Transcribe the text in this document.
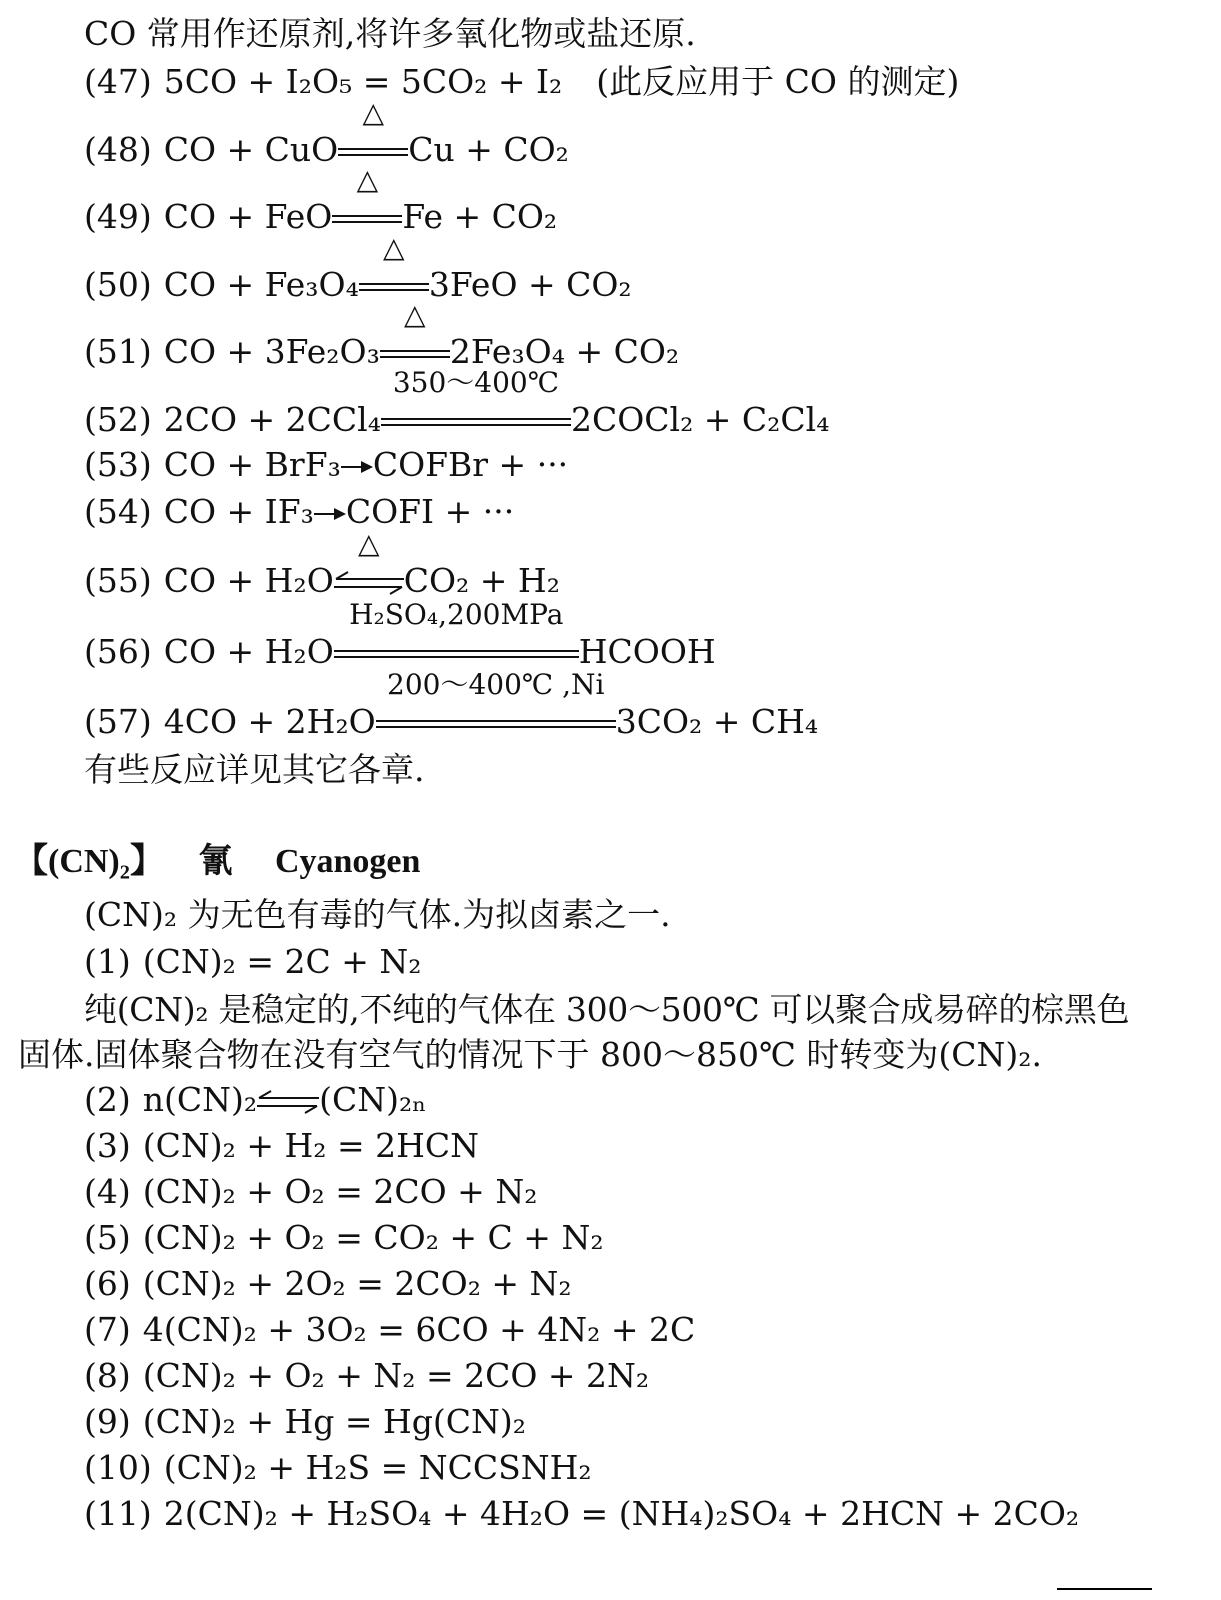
CO 常用作还原剂,将许多氧化物或盐还原.
(47) 5CO + I₂O₅ = 5CO₂ + I₂ (此反应用于 CO 的测定)
(48) CO + CuO
△
Cu + CO₂
(49) CO + FeO
△
Fe + CO₂
(50) CO + Fe₃O₄
△
3FeO + CO₂
(51) CO + 3Fe₂O₃
△
2Fe₃O₄ + CO₂
(52) 2CO + 2CCl₄
350～400℃
2COCl₂ + C₂Cl₄
(53) CO + BrF₃ COFBr + ···
(54) CO + IF₃ COFI + ···
(55) CO + H₂O
△
CO₂ + H₂
(56) CO + H₂O
H₂SO₄,200MPa
HCOOH
(57) 4CO + 2H₂O
200～400℃ ,Ni
3CO₂ + CH₄
有些反应详见其它各章.
【(CN)₂】 氰 Cyanogen
(CN)₂ 为无色有毒的气体.为拟卤素之一.
(1) (CN)₂ = 2C + N₂
纯(CN)₂ 是稳定的,不纯的气体在 300～500℃ 可以聚合成易碎的棕黑色
固体.固体聚合物在没有空气的情况下于 800～850℃ 时转变为(CN)₂.
(2) n(CN)₂⇌(CN)₂ₙ
(3) (CN)₂ + H₂ = 2HCN
(4) (CN)₂ + O₂ = 2CO + N₂
(5) (CN)₂ + O₂ = CO₂ + C + N₂
(6) (CN)₂ + 2O₂ = 2CO₂ + N₂
(7) 4(CN)₂ + 3O₂ = 6CO + 4N₂ + 2C
(8) (CN)₂ + O₂ + N₂ = 2CO + 2N₂
(9) (CN)₂ + Hg = Hg(CN)₂
(10) (CN)₂ + H₂S = NCCSNH₂
(11) 2(CN)₂ + H₂SO₄ + 4H₂O = (NH₄)₂SO₄ + 2HCN + 2CO₂
